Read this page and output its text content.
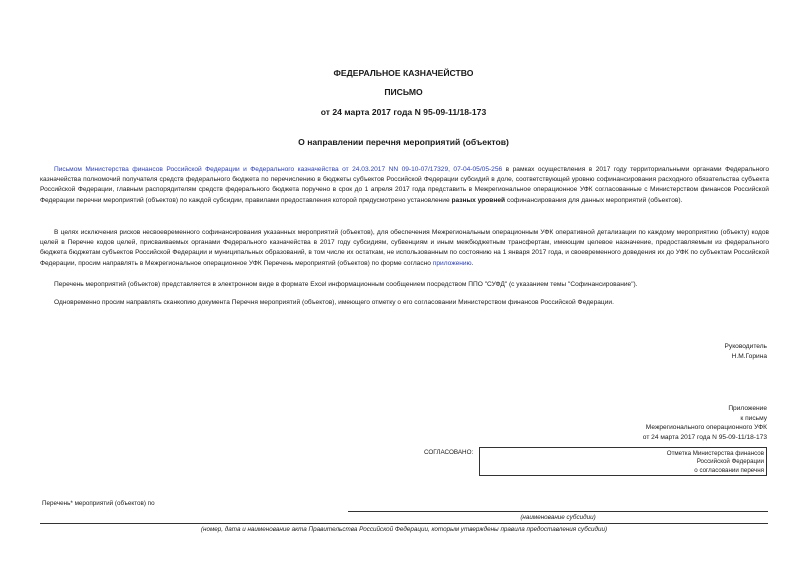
ФЕДЕРАЛЬНОЕ КАЗНАЧЕЙСТВО
ПИСЬМО
от 24 марта 2017 года N 95-09-11/18-173
О направлении перечня мероприятий (объектов)
Письмом Министерства финансов Российской Федерации и Федерального казначейства от 24.03.2017 NN 09-10-07/17329, 07-04-05/05-256 в рамках осуществления в 2017 году территориальными органами Федерального казначейства полномочий получателя средств федерального бюджета по перечислению в бюджеты субъектов Российской Федерации субсидий в доле, соответствующей уровню софинансирования расходного обязательства субъекта Российской Федерации, главным распорядителям средств федерального бюджета поручено в срок до 1 апреля 2017 года представить в Межрегиональное операционное УФК согласованные с Министерством финансов Российской Федерации перечни мероприятий (объектов) по каждой субсидии, правилами предоставления которой предусмотрено установление разных уровней софинансирования для данных мероприятий (объектов).
В целях исключения рисков несвоевременного софинансирования указанных мероприятий (объектов), для обеспечения Межрегиональным операционным УФК оперативной детализации по каждому мероприятию (объекту) кодов целей в Перечне кодов целей, присваиваемых органами Федерального казначейства в 2017 году субсидиям, субвенциям и иным межбюджетным трансфертам, имеющим целевое назначение, предоставляемым из федерального бюджета бюджетам субъектов Российской Федерации и муниципальных образований, в том числе их остаткам, не использованным по состоянию на 1 января 2017 года, и своевременного доведения их до УФК по субъектам Российской Федерации, просим направлять в Межрегиональное операционное УФК Перечень мероприятий (объектов) по форме согласно приложению.
Перечень мероприятий (объектов) представляется в электронном виде в формате Excel информационным сообщением посредством ППО "СУФД" (с указанием темы "Софинансирование").
Одновременно просим направлять сканкопию документа Перечня мероприятий (объектов), имеющего отметку о его согласовании Министерством финансов Российской Федерации.
Руководитель
Н.М.Горина
Приложение
к письму
Межрегионального операционного УФК
от 24 марта 2017 года N 95-09-11/18-173
СОГЛАСОВАНО:	Отметка Министерства финансов
Российской Федерации
о согласовании перечня
Перечень* мероприятий (объектов) по
(наименование субсидии)
(номер, дата и наименование акта Правительства Российской Федерации, которым утверждены правила предоставления субсидии)
